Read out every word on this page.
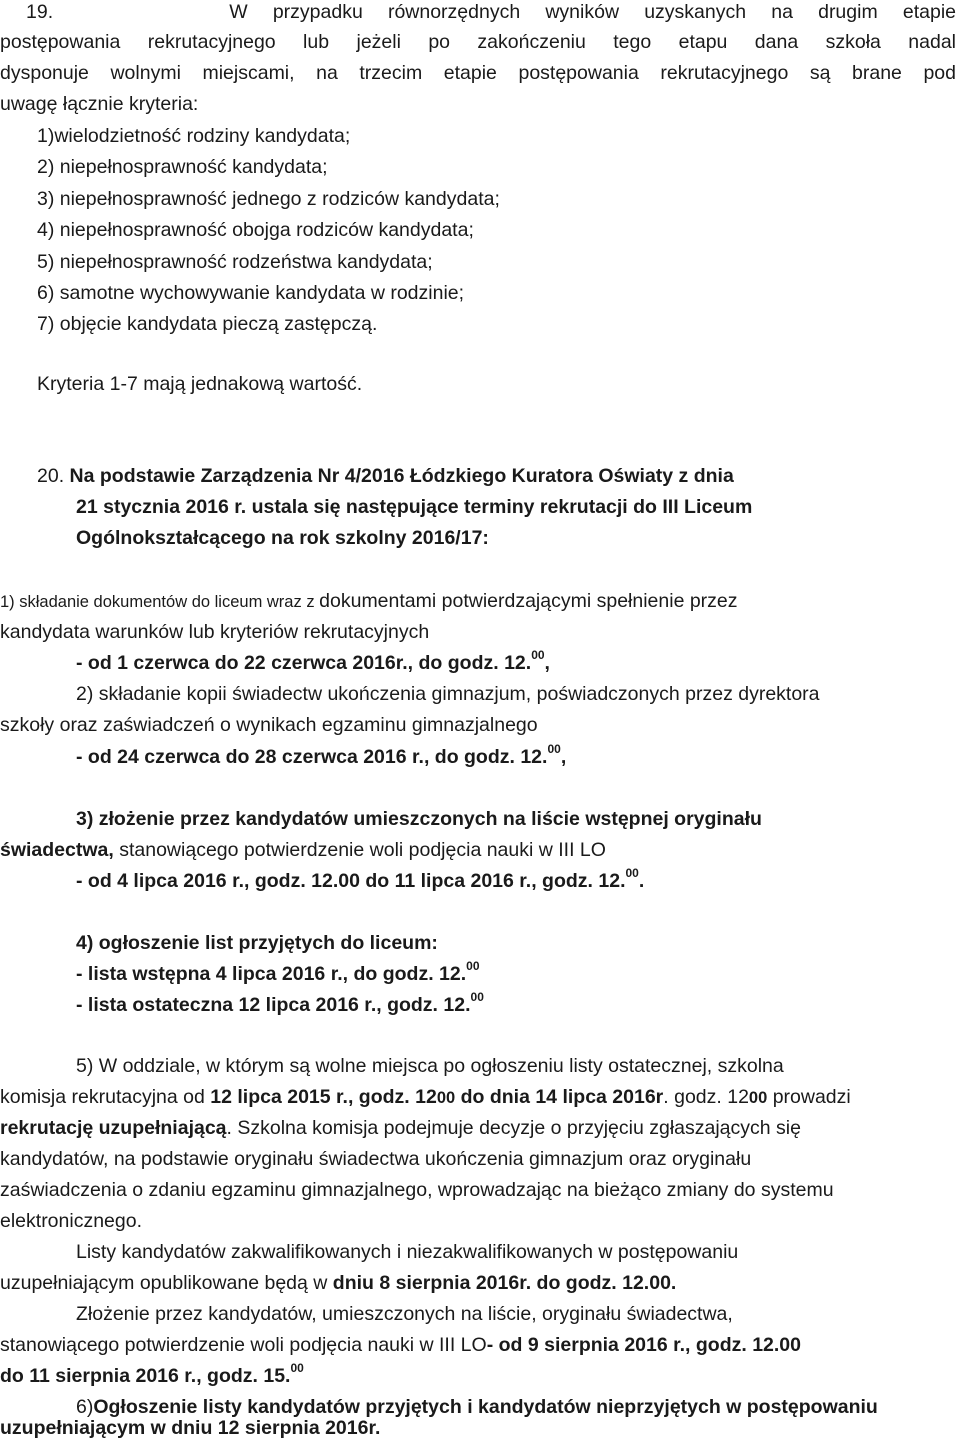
19.       W przypadku równorzędnych wyników uzyskanych na drugim etapie
postępowania rekrutacyjnego lub jeżeli po zakończeniu tego etapu dana szkoła nadal
dysponuje wolnymi miejscami, na trzecim etapie postępowania rekrutacyjnego są brane pod
uwagę łącznie kryteria:
1)wielodzietność rodziny kandydata;
2) niepełnosprawność kandydata;
3) niepełnosprawność jednego z rodziców kandydata;
4) niepełnosprawność obojga rodziców kandydata;
5) niepełnosprawność rodzeństwa kandydata;
6) samotne wychowywanie kandydata w rodzinie;
7) objęcie kandydata pieczą zastępczą.
Kryteria 1-7 mają jednakową wartość.
20. Na podstawie Zarządzenia Nr 4/2016 Łódzkiego Kuratora Oświaty z dnia
21 stycznia 2016 r. ustala się następujące terminy rekrutacji do III Liceum
Ogólnokształcącego na rok szkolny 2016/17:
1) składanie dokumentów do liceum wraz z dokumentami potwierdzającymi spełnienie przez
kandydata warunków lub kryteriów rekrutacyjnych
- od 1 czerwca do 22 czerwca 2016r., do godz. 12.00,
2) składanie kopii świadectw ukończenia gimnazjum, poświadczonych przez dyrektora
szkoły oraz zaświadczeń o wynikach egzaminu gimnazjalnego
- od 24 czerwca do 28 czerwca 2016 r., do godz. 12.00,
3) złożenie przez kandydatów umieszczonych na liście wstępnej oryginału
świadectwa, stanowiącego potwierdzenie woli podjęcia nauki w III LO
- od 4 lipca 2016 r., godz. 12.00 do 11 lipca 2016 r., godz. 12.00.
4) ogłoszenie list przyjętych do liceum:
- lista wstępna 4 lipca 2016 r., do godz. 12.00
- lista ostateczna 12 lipca 2016 r., godz. 12.00
5) W oddziale, w którym są wolne miejsca po ogłoszeniu listy ostatecznej, szkolna
komisja rekrutacyjna od 12 lipca 2015 r., godz. 1200 do dnia 14 lipca 2016r. godz. 1200 prowadzi
rekrutację uzupełniającą. Szkolna komisja podejmuje decyzje o przyjęciu zgłaszających się
kandydatów, na podstawie oryginału świadectwa ukończenia gimnazjum oraz oryginału
zaświadczenia o zdaniu egzaminu gimnazjalnego, wprowadzając na bieżąco zmiany do systemu
elektronicznego.
Listy kandydatów zakwalifikowanych i niezakwalifikowanych w postępowaniu
uzupełniającym opublikowane będą w dniu 8 sierpnia 2016r. do godz. 12.00.
Złożenie przez kandydatów, umieszczonych na liście, oryginału świadectwa,
stanowiącego potwierdzenie woli podjęcia nauki w III LO- od 9 sierpnia 2016 r., godz. 12.00
do 11 sierpnia 2016 r., godz. 15.00
6)Ogłoszenie listy kandydatów przyjętych i kandydatów nieprzyjętych w postępowaniu
uzupełniającym w dniu 12 sierpnia 2016r.
